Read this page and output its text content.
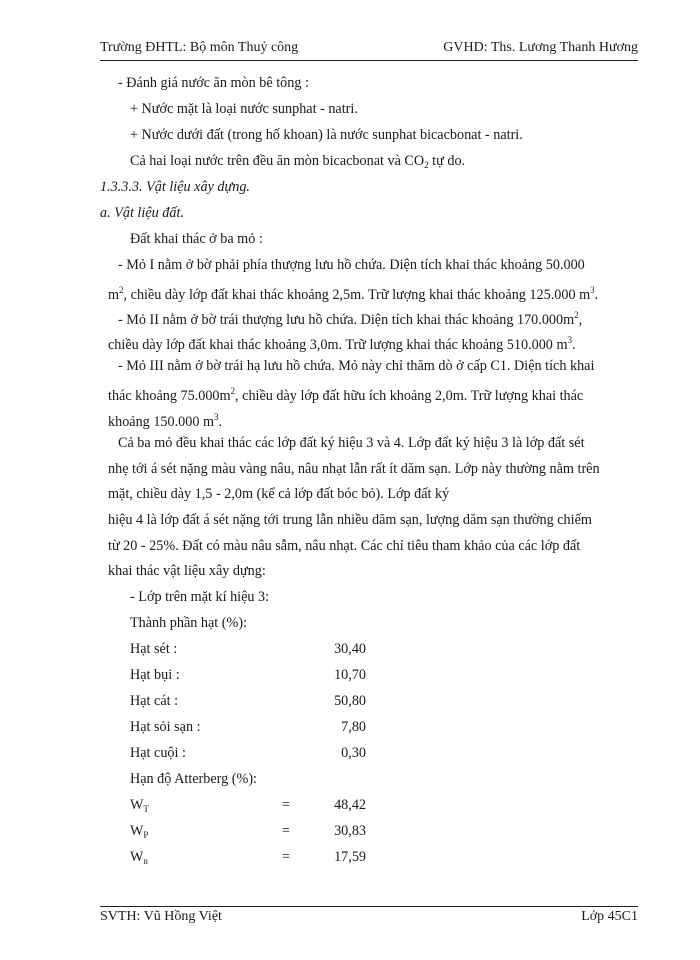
Trường ĐHTL: Bộ môn Thuỷ công	GVHD: Ths. Lương Thanh Hương
- Đánh giá nước ăn mòn bê tông :
+ Nước mặt là loại nước sunphat - natri.
+ Nước dưới đất (trong hố khoan) là nước sunphat bicacbonat - natri.
Cả hai loại nước trên đều ăn mòn bicacbonat và $CO_2$ tự do.
1.3.3.3. Vật liệu xây dựng.
a. Vật liệu đất.
Đất khai thác ở ba mỏ :
- Mỏ I nằm ở bờ phải phía thượng lưu hồ chứa. Diện tích khai thác khoảng 50.000
$m^2$, chiều dày lớp đất khai thác khoảng 2,5m. Trữ lượng khai thác khoảng 125.000 $m^3$.
- Mỏ II nằm ở bờ trái thượng lưu hồ chứa. Diện tích khai thác khoảng $170.000m^2$,
chiều dày lớp đất khai thác khoảng 3,0m. Trữ lượng khai thác khoảng 510.000 $m^3$.
- Mỏ III nằm ở bờ trái hạ lưu hồ chứa. Mỏ này chỉ thăm dò ở cấp C1. Diện tích khai
thác khoảng $75.000m^2$, chiều dày lớp đất hữu ích khoảng 2,0m. Trữ lượng khai thác
khoảng 150.000 $m^3$.
Cả ba mỏ đều khai thác các lớp đất ký hiệu 3 và 4. Lớp đất ký hiệu 3 là lớp đất sét
nhẹ tới á sét nặng màu vàng nâu, nâu nhạt lẫn rất ít dăm sạn. Lớp này thường nằm trên
mặt, chiều dày 1,5 - 2,0m (kể cả lớp đất bóc bỏ). Lớp đất ký
hiệu 4 là lớp đất á sét nặng tới trung lẫn nhiều dăm sạn, lượng dăm sạn thường chiếm
từ 20 - 25%. Đất có màu nâu sẫm, nâu nhạt. Các chỉ tiêu tham khảo của các lớp đất
khai thác vật liệu xây dựng:
- Lớp trên mặt kí hiệu 3:
Thành phần hạt (%):
Hạt sét :	30,40
Hạt bụi :	10,70
Hạt cát :	50,80
Hạt sỏi sạn :	7,80
Hạt cuội :	0,30
Hạn độ Atterberg (%):
$W_T$	=	48,42
$W_P$	=	30,83
$W_n$	=	17,59
SVTH: Vũ Hồng Việt	Lớp 45C1
